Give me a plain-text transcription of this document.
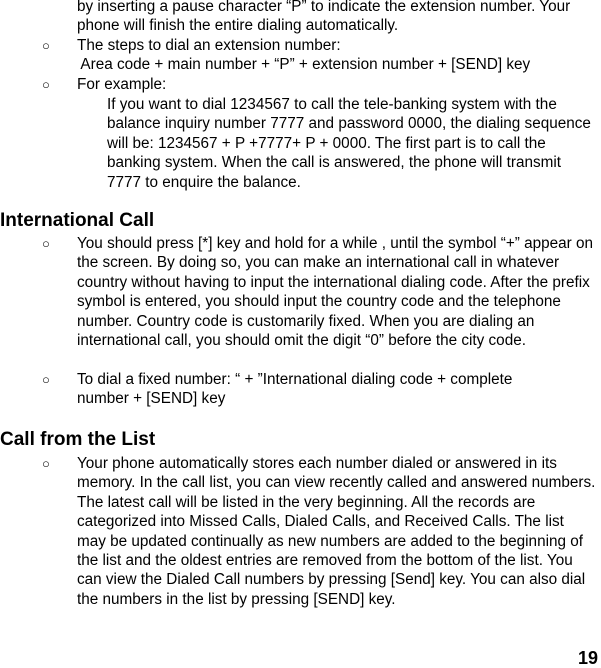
by inserting a pause character “P” to indicate the extension number. Your phone will finish the entire dialing automatically.

○ The steps to dial an extension number:

Area code + main number + “P” + extension number + [SEND] key

○ For example:

If you want to dial 1234567 to call the tele-banking system with the balance inquiry number 7777 and password 0000, the dialing sequence will be: 1234567 + P +7777+ P + 0000. The first part is to call the banking system. When the call is answered, the phone will transmit 7777 to enquire the balance.

International Call
○ You should press [*] key and hold for a while , until the symbol “+” appear on the screen. By doing so, you can make an international call in whatever country without having to input the international dialing code. After the prefix symbol is entered, you should input the country code and the telephone number. Country code is customarily fixed. When you are dialing an international call, you should omit the digit “0” before the city code.

○ To dial a fixed number: “ + ”International dialing code + complete number + [SEND] key

Call from the List
○ Your phone automatically stores each number dialed or answered in its memory. In the call list, you can view recently called and answered numbers. The latest call will be listed in the very beginning. All the records are categorized into Missed Calls, Dialed Calls, and Received Calls. The list may be updated continually as new numbers are added to the beginning of the list and the oldest entries are removed from the bottom of the list. You can view the Dialed Call numbers by pressing [Send] key. You can also dial the numbers in the list by pressing [SEND] key.

19
